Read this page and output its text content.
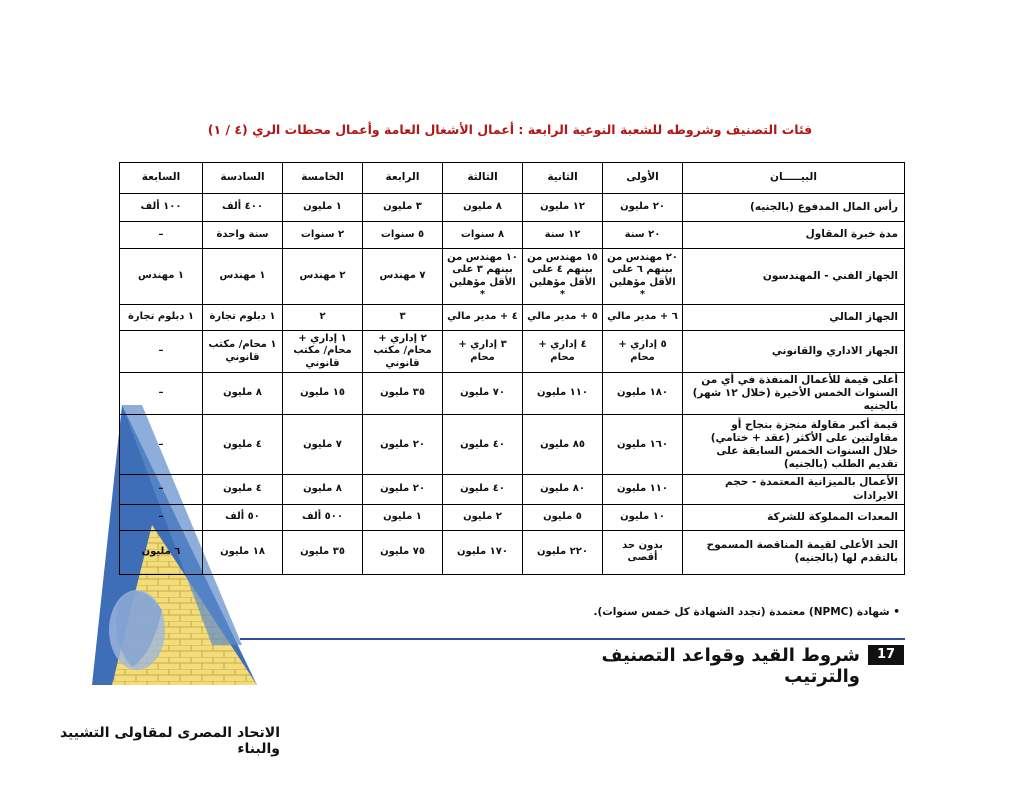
فئات التصنيف وشروطه للشعبة النوعية الرابعة : أعمال الأشغال العامة وأعمال محطات الري (٤ / ١)
البيـــــان	الأولى	الثانية	الثالثة	الرابعة	الخامسة	السادسة	السابعة
رأس المال المدفوع (بالجنيه)	٢٠ مليون	١٢ مليون	٨ مليون	٣ مليون	١ مليون	٤٠٠ ألف	١٠٠ ألف
مدة خبرة المقاول	٢٠ سنة	١٢ سنة	٨ سنوات	٥ سنوات	٢ سنوات	سنة واحدة	–
الجهاز الفني - المهندسون	٢٠ مهندس من بينهم ٦ على الأقل مؤهلين *	١٥ مهندس من بينهم ٤ على الأقل مؤهلين *	١٠ مهندس من بينهم ٣ على الأقل مؤهلين *	٧ مهندس	٢ مهندس	١ مهندس	١ مهندس
الجهاز المالي	٦ + مدير مالي	٥ + مدير مالي	٤ + مدير مالي	٣	٢	١ دبلوم تجارة	١ دبلوم تجارة
الجهاز الاداري والقانوني	٥ إداري + محام	٤ إداري + محام	٣ إداري + محام	٢ إداري + محام/ مكتب قانوني	١ إداري + محام/ مكتب قانوني	١ محام/ مكتب قانوني	–
أعلى قيمة للأعمال المنفذة في أي من السنوات الخمس الأخيرة (خلال ١٢ شهر) بالجنيه	١٨٠ مليون	١١٠ مليون	٧٠ مليون	٣٥ مليون	١٥ مليون	٨ مليون	–
قيمة أكبر مقاولة منجزة بنجاح أو مقاولتين على الأكثر (عقد + ختامي) خلال السنوات الخمس السابقة على تقديم الطلب (بالجنيه)	١٦٠ مليون	٨٥ مليون	٤٠ مليون	٢٠ مليون	٧ مليون	٤ مليون	–
الأعمال بالميزانية المعتمدة - حجم الايرادات	١١٠ مليون	٨٠ مليون	٤٠ مليون	٢٠ مليون	٨ مليون	٤ مليون	–
المعدات المملوكة للشركة	١٠ مليون	٥ مليون	٢ مليون	١ مليون	٥٠٠ ألف	٥٠ ألف	–
الحد الأعلى لقيمة المناقصة المسموح بالتقدم لها (بالجنيه)	بدون حد أقصى	٢٢٠ مليون	١٧٠ مليون	٧٥ مليون	٣٥ مليون	١٨ مليون	٦ مليون
• شهادة (NPMC) معتمدة (تجدد الشهادة كل خمس سنوات).
17
شروط القيد وقواعد التصنيف والترتيب
الاتحاد المصرى لمقاولى التشييد والبناء
